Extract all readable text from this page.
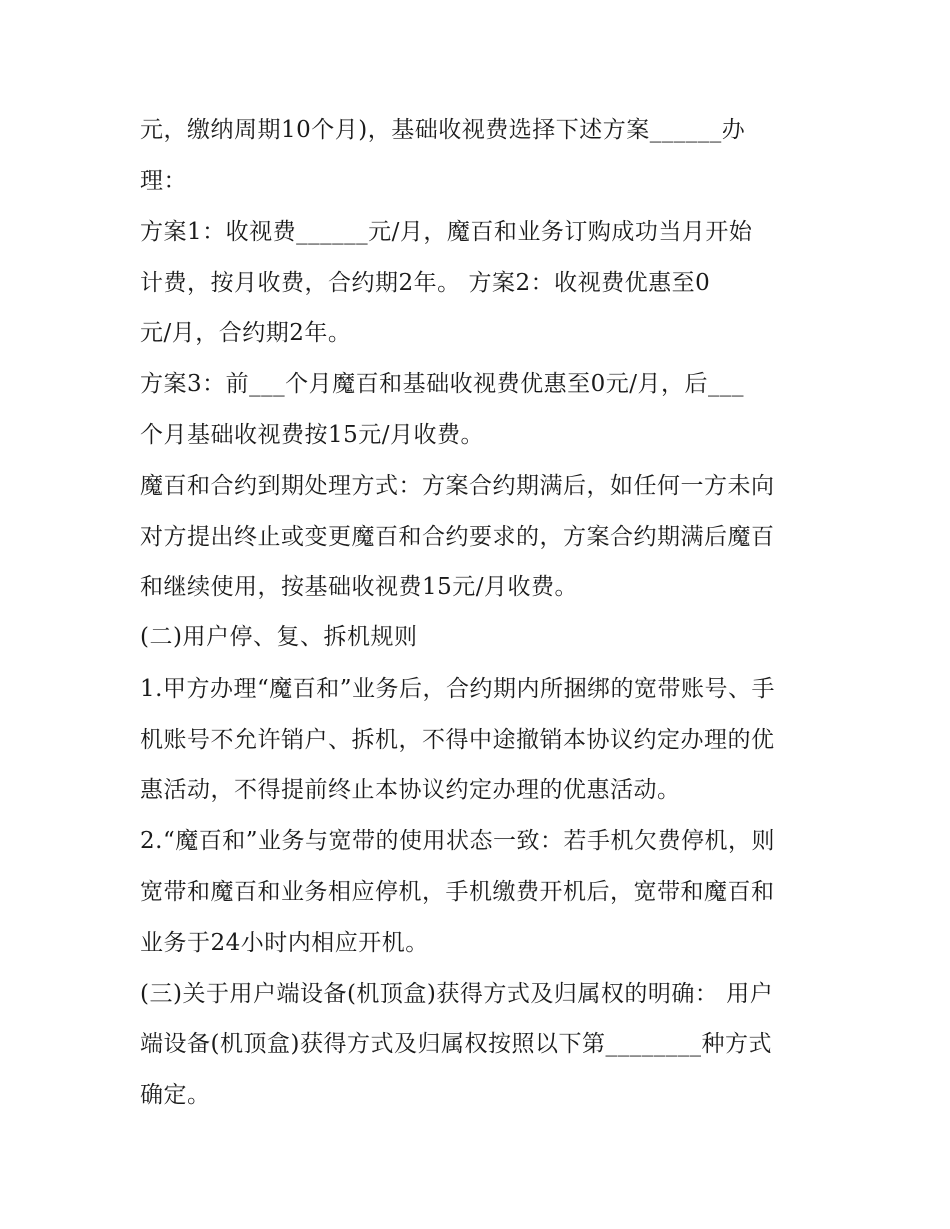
元，缴纳周期10个月)，基础收视费选择下述方案______办
理：
方案1：收视费______元/月，魔百和业务订购成功当月开始
计费，按月收费，合约期2年。 方案2：收视费优惠至0
元/月，合约期2年。
方案3：前___个月魔百和基础收视费优惠至0元/月，后___
个月基础收视费按15元/月收费。
魔百和合约到期处理方式：方案合约期满后，如任何一方未向
对方提出终止或变更魔百和合约要求的，方案合约期满后魔百
和继续使用，按基础收视费15元/月收费。
(二)用户停、复、拆机规则
1.甲方办理“魔百和”业务后，合约期内所捆绑的宽带账号、手
机账号不允许销户、拆机，不得中途撤销本协议约定办理的优
惠活动，不得提前终止本协议约定办理的优惠活动。
2.“魔百和”业务与宽带的使用状态一致：若手机欠费停机，则
宽带和魔百和业务相应停机，手机缴费开机后，宽带和魔百和
业务于24小时内相应开机。
(三)关于用户端设备(机顶盒)获得方式及归属权的明确： 用户
端设备(机顶盒)获得方式及归属权按照以下第________种方式
确定。
